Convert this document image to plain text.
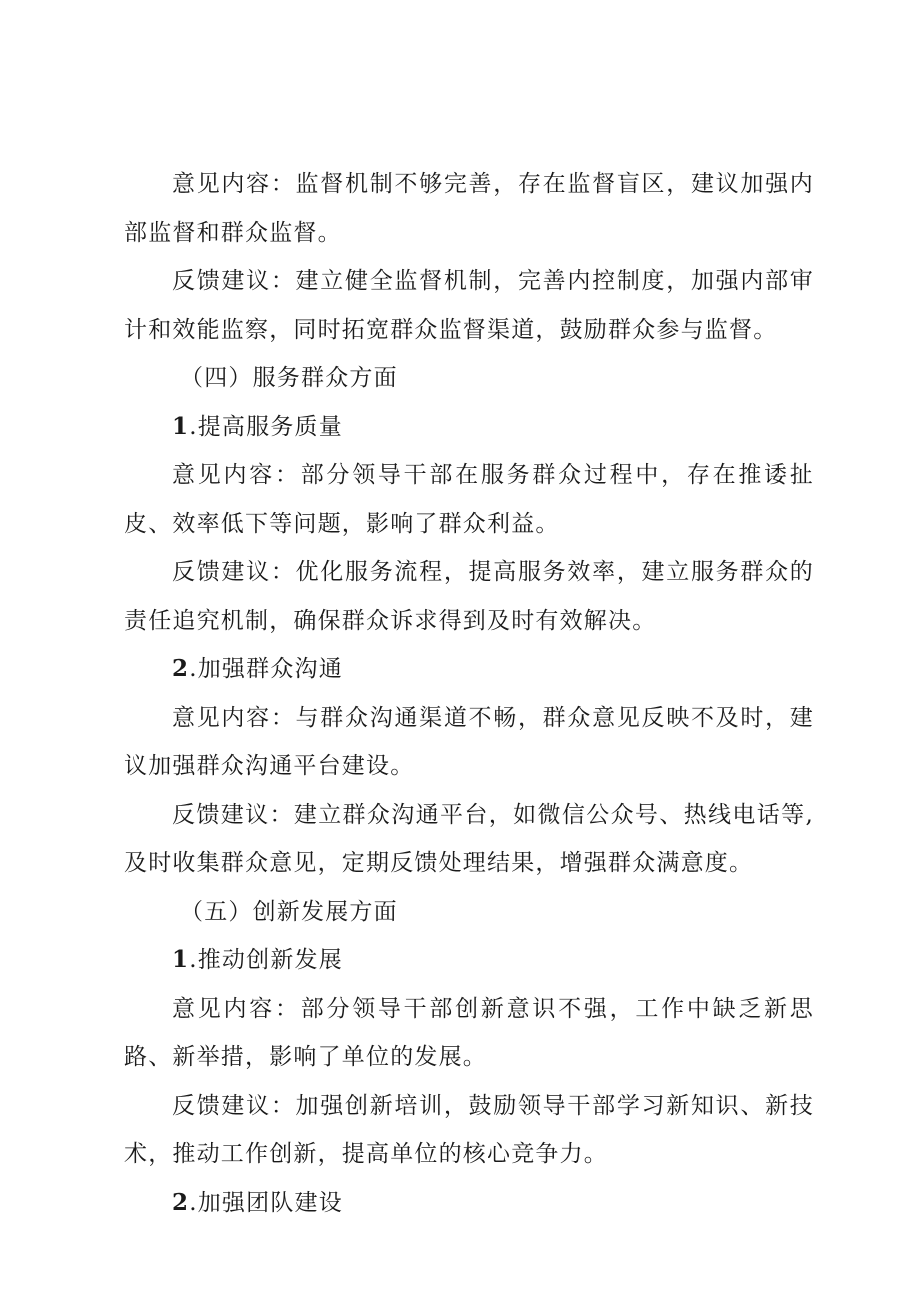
意见内容：监督机制不够完善，存在监督盲区，建议加强内部监督和群众监督。

反馈建议：建立健全监督机制，完善内控制度，加强内部审计和效能监察，同时拓宽群众监督渠道，鼓励群众参与监督。

（四）服务群众方面

1.提高服务质量

意见内容：部分领导干部在服务群众过程中，存在推诿扯皮、效率低下等问题，影响了群众利益。

反馈建议：优化服务流程，提高服务效率，建立服务群众的责任追究机制，确保群众诉求得到及时有效解决。

2.加强群众沟通

意见内容：与群众沟通渠道不畅，群众意见反映不及时，建议加强群众沟通平台建设。

反馈建议：建立群众沟通平台，如微信公众号、热线电话等,及时收集群众意见，定期反馈处理结果，增强群众满意度。

（五）创新发展方面

1.推动创新发展

意见内容：部分领导干部创新意识不强，工作中缺乏新思路、新举措，影响了单位的发展。

反馈建议：加强创新培训，鼓励领导干部学习新知识、新技术，推动工作创新，提高单位的核心竞争力。

2.加强团队建设
